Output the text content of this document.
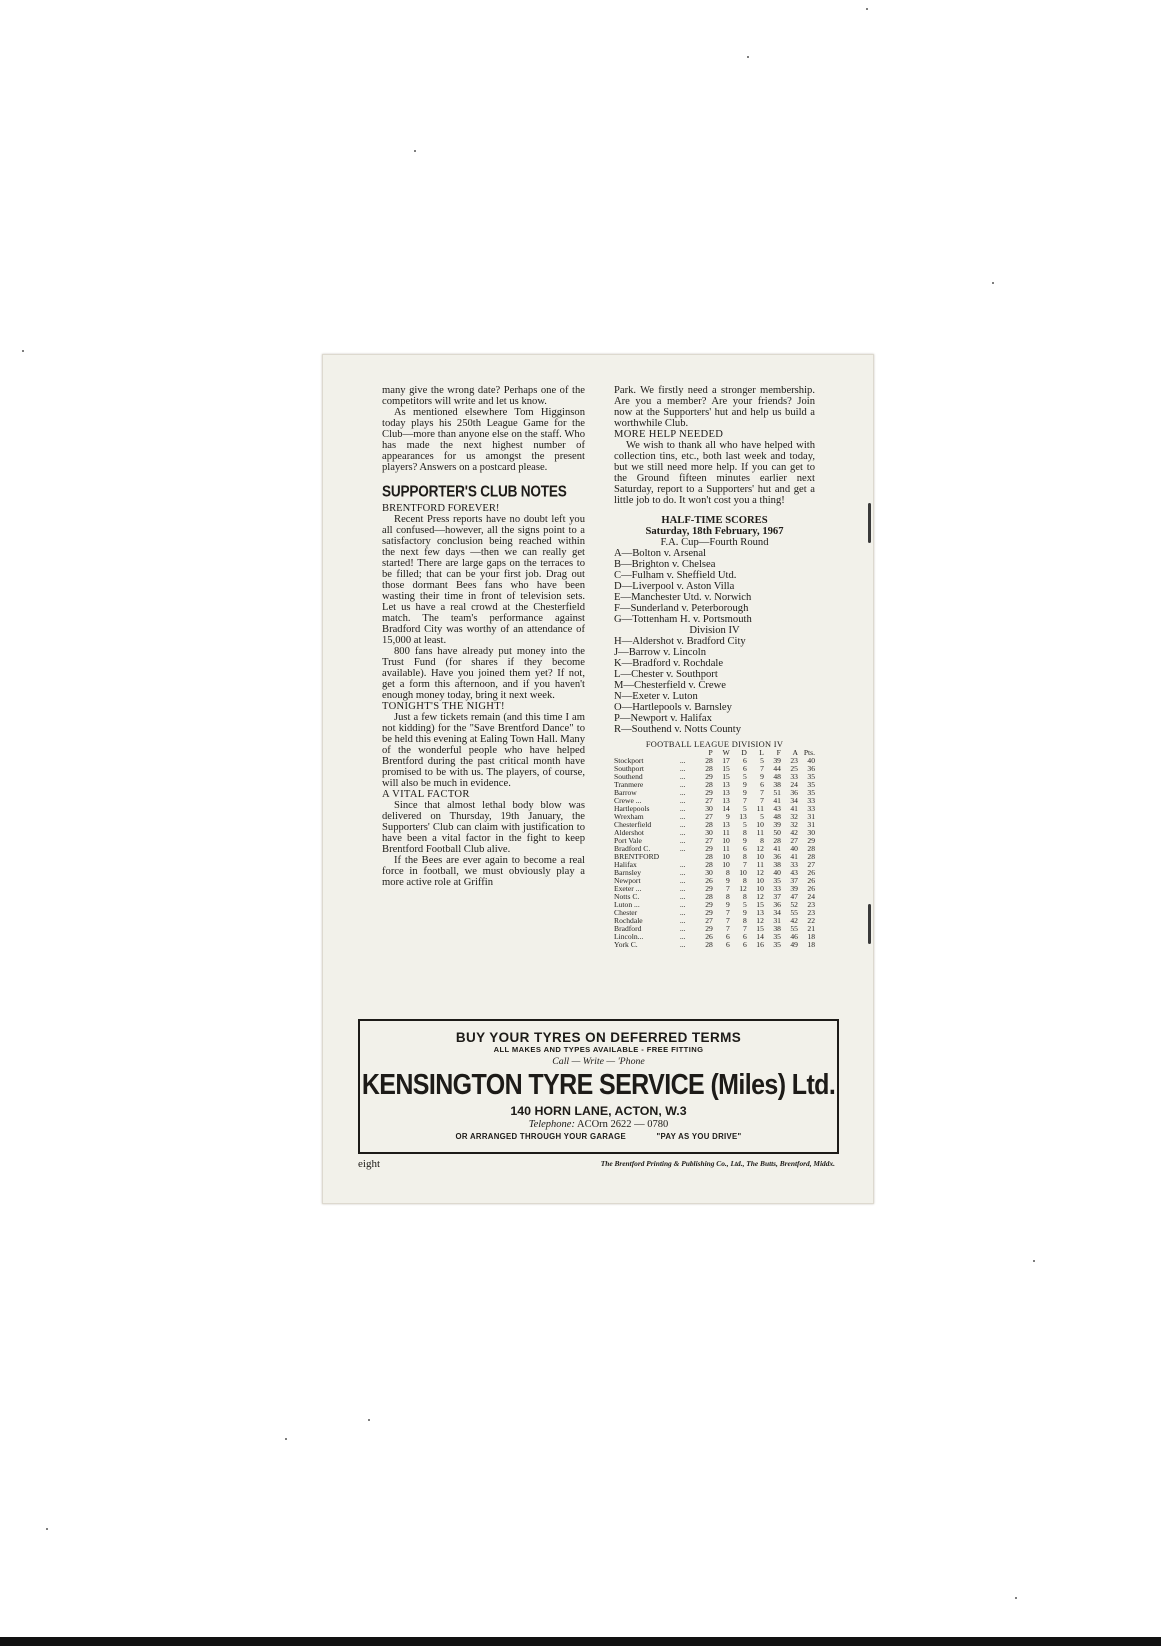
many give the wrong date? Perhaps one of the competitors will write and let us know.

As mentioned elsewhere Tom Higginson today plays his 250th League Game for the Club—more than anyone else on the staff. Who has made the next highest number of appearances for us amongst the present players? Answers on a postcard please.

SUPPORTER'S CLUB NOTES

BRENTFORD FOREVER!

Recent Press reports have no doubt left you all confused—however, all the signs point to a satisfactory conclusion being reached within the next few days —then we can really get started! There are large gaps on the terraces to be filled; that can be your first job. Drag out those dormant Bees fans who have been wasting their time in front of television sets. Let us have a real crowd at the Chesterfield match. The team's performance against Bradford City was worthy of an attendance of 15,000 at least.

800 fans have already put money into the Trust Fund (for shares if they become available). Have you joined them yet? If not, get a form this afternoon, and if you haven't enough money today, bring it next week.

TONIGHT'S THE NIGHT!

Just a few tickets remain (and this time I am not kidding) for the "Save Brentford Dance" to be held this evening at Ealing Town Hall. Many of the wonderful people who have helped Brentford during the past critical month have promised to be with us. The players, of course, will also be much in evidence.

A VITAL FACTOR

Since that almost lethal body blow was delivered on Thursday, 19th January, the Supporters' Club can claim with justification to have been a vital factor in the fight to keep Brentford Football Club alive.

If the Bees are ever again to become a real force in football, we must obviously play a more active role at Griffin

Park. We firstly need a stronger membership. Are you a member? Are your friends? Join now at the Supporters' hut and help us build a worthwhile Club.

MORE HELP NEEDED

We wish to thank all who have helped with collection tins, etc., both last week and today, but we still need more help. If you can get to the Ground fifteen minutes earlier next Saturday, report to a Supporters' hut and get a little job to do. It won't cost you a thing!

HALF-TIME SCORES
Saturday, 18th February, 1967
F.A. Cup—Fourth Round
A—Bolton v. Arsenal
B—Brighton v. Chelsea
C—Fulham v. Sheffield Utd.
D—Liverpool v. Aston Villa
E—Manchester Utd. v. Norwich
F—Sunderland v. Peterborough
G—Tottenham H. v. Portsmouth
Division IV
H—Aldershot v. Bradford City
J—Barrow v. Lincoln
K—Bradford v. Rochdale
L—Chester v. Southport
M—Chesterfield v. Crewe
N—Exeter v. Luton
O—Hartlepools v. Barnsley
P—Newport v. Halifax
R—Southend v. Notts County
FOOTBALL LEAGUE DIVISION IV
		P	W	D	L	F	A	Pts.
Stockport	...	28	17	6	5	39	23	40
Southport	...	28	15	6	7	44	25	36
Southend	...	29	15	5	9	48	33	35
Tranmere	...	28	13	9	6	38	24	35
Barrow	...	29	13	9	7	51	36	35
Crewe ...	...	27	13	7	7	41	34	33
Hartlepools	...	30	14	5	11	43	41	33
Wrexham	...	27	9	13	5	48	32	31
Chesterfield	...	28	13	5	10	39	32	31
Aldershot	...	30	11	8	11	50	42	30
Port Vale	...	27	10	9	8	28	27	29
Bradford C.	...	29	11	6	12	41	40	28
BRENTFORD		28	10	8	10	36	41	28
Halifax	...	28	10	7	11	38	33	27
Barnsley	...	30	8	10	12	40	43	26
Newport	...	26	9	8	10	35	37	26
Exeter ...	...	29	7	12	10	33	39	26
Notts C.	...	28	8	8	12	37	47	24
Luton ...	...	29	9	5	15	36	52	23
Chester	...	29	7	9	13	34	55	23
Rochdale	...	27	7	8	12	31	42	22
Bradford	...	29	7	7	15	38	55	21
Lincoln...	...	26	6	6	14	35	46	18
York C.	...	28	6	6	16	35	49	18
BUY YOUR TYRES ON DEFERRED TERMS
ALL MAKES AND TYPES AVAILABLE - FREE FITTING
Call — Write — 'Phone
KENSINGTON TYRE SERVICE (Miles) Ltd.
140 HORN LANE, ACTON, W.3
Telephone: ACOrn 2622 — 0780
OR ARRANGED THROUGH YOUR GARAGE	"PAY AS YOU DRIVE"
eight	The Brentford Printing & Publishing Co., Ltd., The Butts, Brentford, Middx.
